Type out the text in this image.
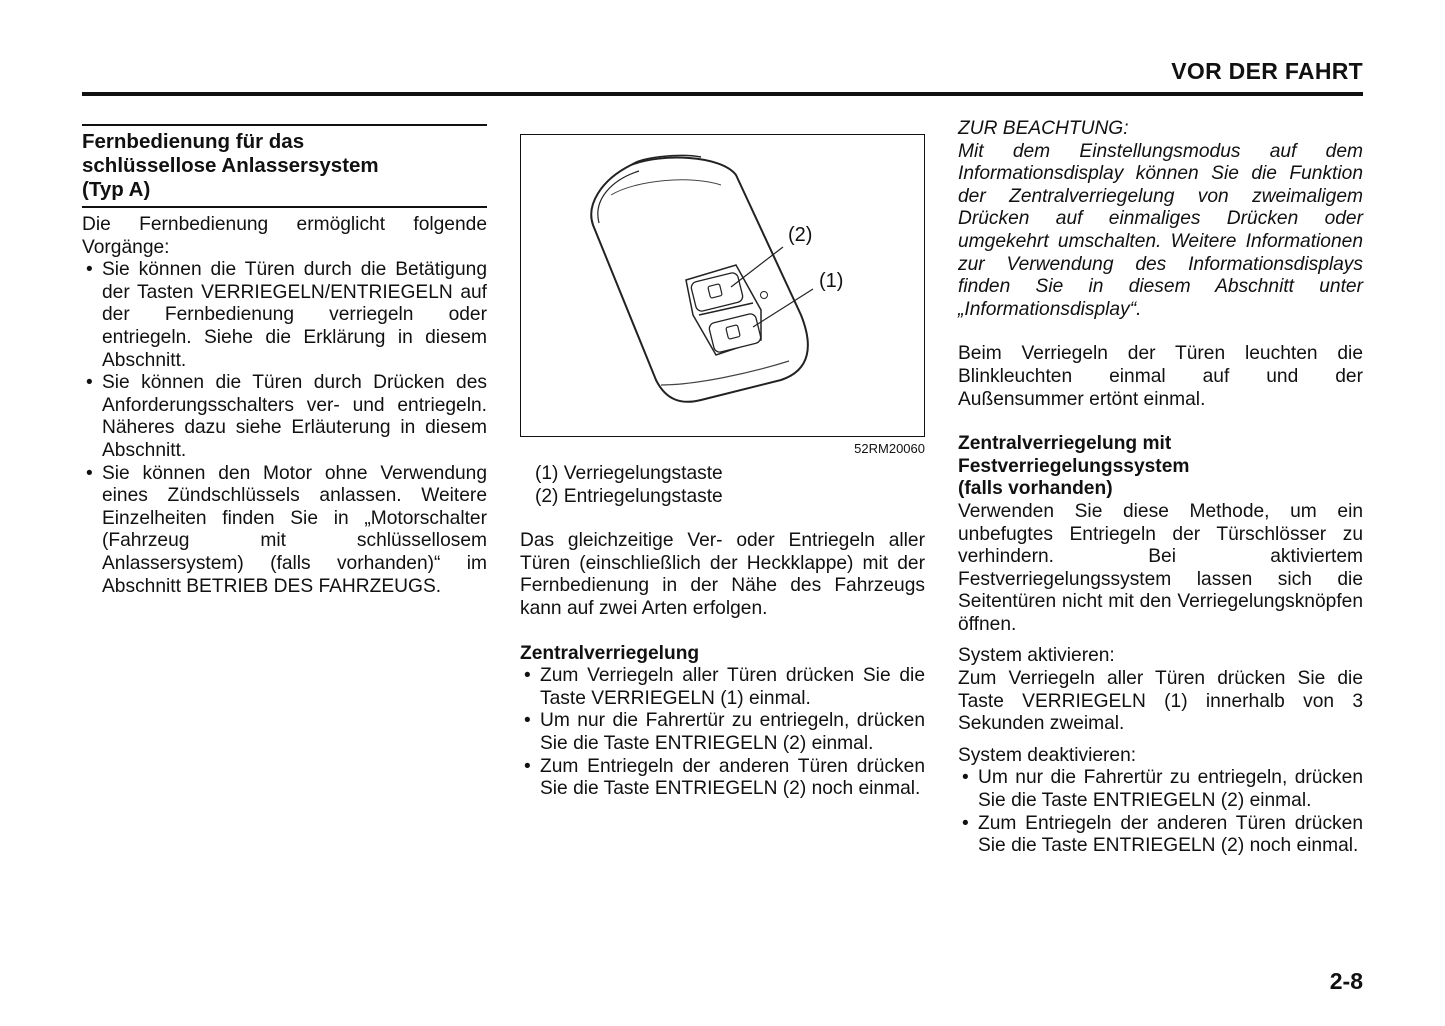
VOR DER FAHRT
Fernbedienung für das
schlüssellose Anlassersystem
(Typ A)

Die Fernbedienung ermöglicht folgende Vorgänge:

• Sie können die Türen durch die Betätigung der Tasten VERRIEGELN/ENTRIEGELN auf der Fernbedienung verriegeln oder entriegeln. Siehe die Erklärung in diesem Abschnitt.
• Sie können die Türen durch Drücken des Anforderungsschalters ver- und entriegeln. Näheres dazu siehe Erläuterung in diesem Abschnitt.
• Sie können den Motor ohne Verwendung eines Zündschlüssels anlassen. Weitere Einzelheiten finden Sie in „Motorschalter (Fahrzeug mit schlüssellosem Anlassersystem) (falls vorhanden)“ im Abschnitt BETRIEB DES FAHRZEUGS.
(2)
(1)
52RM20060
(1) Verriegelungstaste
(2) Entriegelungstaste

Das gleichzeitige Ver- oder Entriegeln aller Türen (einschließlich der Heckklappe) mit der Fernbedienung in der Nähe des Fahrzeugs kann auf zwei Arten erfolgen.

Zentralverriegelung
• Zum Verriegeln aller Türen drücken Sie die Taste VERRIEGELN (1) einmal.
• Um nur die Fahrertür zu entriegeln, drücken Sie die Taste ENTRIEGELN (2) einmal.
• Zum Entriegeln der anderen Türen drücken Sie die Taste ENTRIEGELN (2) noch einmal.
ZUR BEACHTUNG:

Mit dem Einstellungsmodus auf dem Informationsdisplay können Sie die Funktion der Zentralverriegelung von zweimaligem Drücken auf einmaliges Drücken oder umgekehrt umschalten. Weitere Informationen zur Verwendung des Informationsdisplays finden Sie in diesem Abschnitt unter „Informationsdisplay“.

Beim Verriegeln der Türen leuchten die Blinkleuchten einmal auf und der Außensummer ertönt einmal.

Zentralverriegelung mit
Festverriegelungssystem
(falls vorhanden)

Verwenden Sie diese Methode, um ein unbefugtes Entriegeln der Türschlösser zu verhindern. Bei aktiviertem Festverriegelungssystem lassen sich die Seitentüren nicht mit den Verriegelungsknöpfen öffnen.

System aktivieren:

Zum Verriegeln aller Türen drücken Sie die Taste VERRIEGELN (1) innerhalb von 3 Sekunden zweimal.

System deaktivieren:
• Um nur die Fahrertür zu entriegeln, drücken Sie die Taste ENTRIEGELN (2) einmal.
• Zum Entriegeln der anderen Türen drücken Sie die Taste ENTRIEGELN (2) noch einmal.
2-8
